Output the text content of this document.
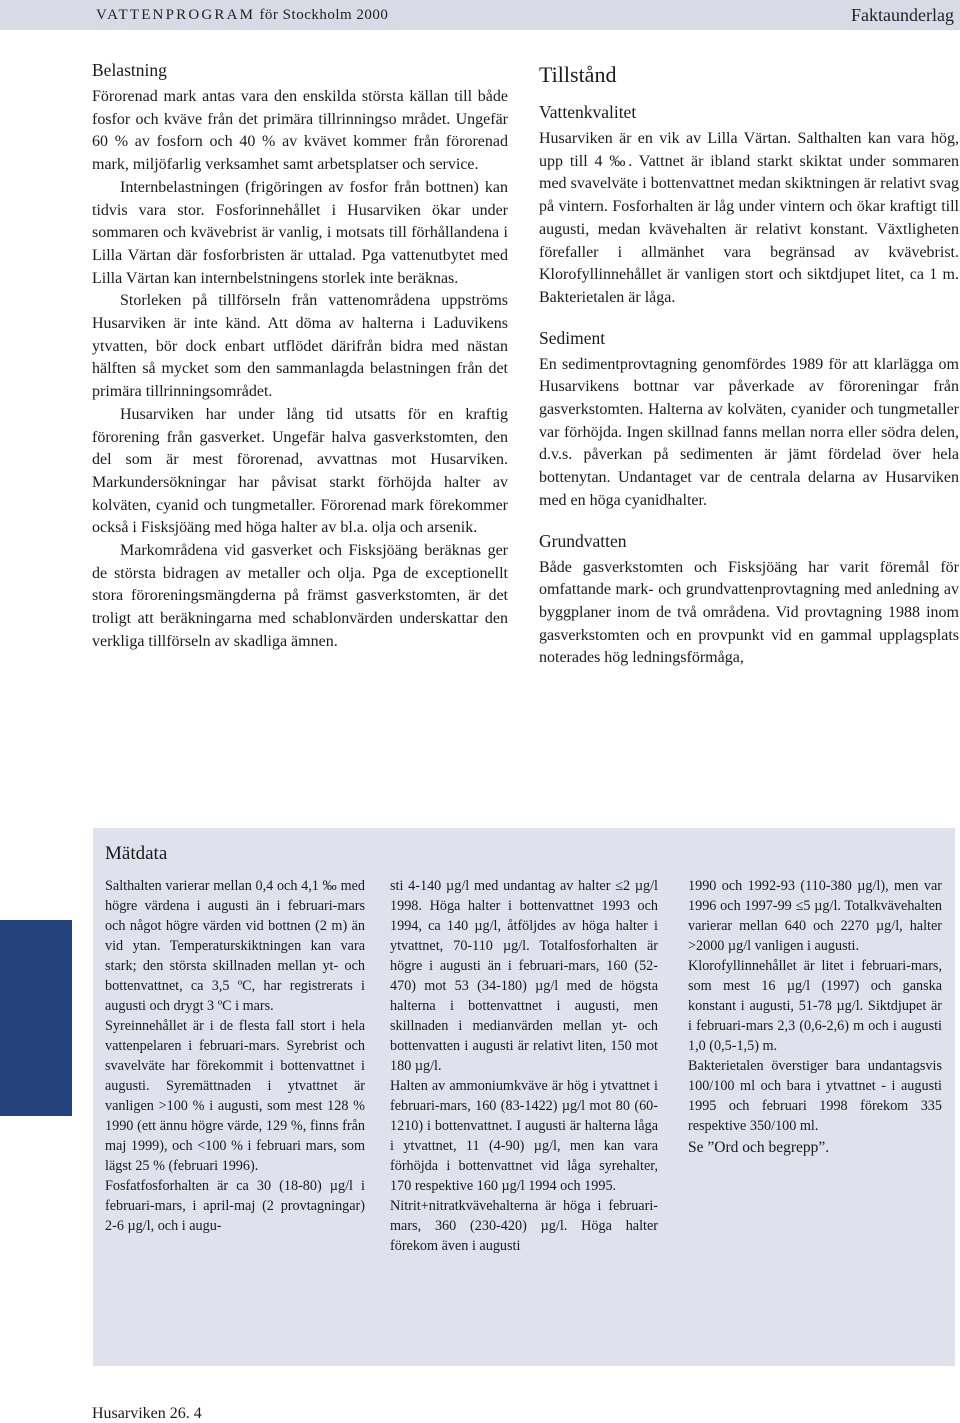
VATTENPROGRAM för Stockholm 2000	Faktaunderlag
Belastning

Förorenad mark antas vara den enskilda största källan till både fosfor och kväve från det primära tillrinningso mrådet. Ungefär 60 % av fosforn och 40 % av kvävet kommer från förorenad mark, miljöfarlig verksamhet samt arbetsplatser och service.

Internbelastningen (frigöringen av fosfor från bottnen) kan tidvis vara stor. Fosforinnehållet i Husarviken ökar under sommaren och kvävebrist är vanlig, i motsats till förhållandena i Lilla Värtan där fosforbristen är uttalad. Pga vattenutbytet med Lilla Värtan kan internbelstningens storlek inte beräknas.

Storleken på tillförseln från vattenområdena uppströms Husarviken är inte känd. Att döma av halterna i Laduvikens ytvatten, bör dock enbart utflödet därifrån bidra med nästan hälften så mycket som den sammanlagda belastningen från det primära tillrinningsområdet.

Husarviken har under lång tid utsatts för en kraftig förorening från gasverket. Ungefär halva gasverkstomten, den del som är mest förorenad, avvattnas mot Husarviken. Markundersökningar har påvisat starkt förhöjda halter av kolväten, cyanid och tungmetaller. Förorenad mark förekommer också i Fisksjöäng med höga halter av bl.a. olja och arsenik.

Markområdena vid gasverket och Fisksjöäng beräknas ger de största bidragen av metaller och olja. Pga de exceptionellt stora föroreningsmängderna på främst gasverkstomten, är det troligt att beräkningarna med schablonvärden underskattar den verkliga tillförseln av skadliga ämnen.

Tillstånd
Vattenkvalitet

Husarviken är en vik av Lilla Värtan. Salthalten kan vara hög, upp till 4 ‰. Vattnet är ibland starkt skiktat under sommaren med svavelväte i bottenvattnet medan skiktningen är relativt svag på vintern. Fosforhalten är låg under vintern och ökar kraftigt till augusti, medan kvävehalten är relativt konstant. Växtligheten förefaller i allmänhet vara begränsad av kvävebrist. Klorofyllinnehållet är vanligen stort och siktdjupet litet, ca 1 m. Bakterietalen är låga.

Sediment

En sedimentprovtagning genomfördes 1989 för att klarlägga om Husarvikens bottnar var påverkade av föroreningar från gasverkstomten. Halterna av kolväten, cyanider och tungmetaller var förhöjda. Ingen skillnad fanns mellan norra eller södra delen, d.v.s. påverkan på sedimenten är jämt fördelad över hela bottenytan. Undantaget var de centrala delarna av Husarviken med en höga cyanidhalter.

Grundvatten

Både gasverkstomten och Fisksjöäng har varit föremål för omfattande mark- och grundvattenprovtagning med anledning av byggplaner inom de två områdena. Vid provtagning 1988 inom gasverkstomten och en provpunkt vid en gammal upplagsplats noterades hög ledningsförmåga,

Mätdata

Salthalten varierar mellan 0,4 och 4,1 ‰ med högre värdena i augusti än i februari-mars och något högre värden vid bottnen (2 m) än vid ytan. Temperaturskiktningen kan vara stark; den största skillnaden mellan yt- och bottenvattnet, ca 3,5 ºC, har registrerats i augusti och drygt 3 ºC i mars.

Syreinnehållet är i de flesta fall stort i hela vattenpelaren i februari-mars. Syrebrist och svavelväte har förekommit i bottenvattnet i augusti. Syremättnaden i ytvattnet är vanligen >100 % i augusti, som mest 128 % 1990 (ett ännu högre värde, 129 %, finns från maj 1999), och <100 % i februari mars, som lägst 25 % (februari 1996).

Fosfatfosforhalten är ca 30 (18-80) µg/l i februari-mars, i april-maj (2 provtagningar) 2-6 µg/l, och i augu-

sti 4-140 µg/l med undantag av halter ≤2 µg/l 1998. Höga halter i bottenvattnet 1993 och 1994, ca 140 µg/l, åtföljdes av höga halter i ytvattnet, 70-110 µg/l. Totalfosforhalten är högre i augusti än i februari-mars, 160 (52-470) mot 53 (34-180) µg/l med de högsta halterna i bottenvattnet i augusti, men skillnaden i medianvärden mellan yt- och bottenvatten i augusti är relativt liten, 150 mot 180 µg/l.

Halten av ammoniumkväve är hög i ytvattnet i februari-mars, 160 (83-1422) µg/l mot 80 (60-1210) i bottenvattnet. I augusti är halterna låga i ytvattnet, 11 (4-90) µg/l, men kan vara förhöjda i bottenvattnet vid låga syrehalter, 170 respektive 160 µg/l 1994 och 1995.

Nitrit+nitratkvävehalterna är höga i februari-mars, 360 (230-420) µg/l. Höga halter förekom även i augusti

1990 och 1992-93 (110-380 µg/l), men var 1996 och 1997-99 ≤5 µg/l. Totalkvävehalten varierar mellan 640 och 2270 µg/l, halter >2000 µg/l vanligen i augusti.

Klorofyllinnehållet är litet i februari-mars, som mest 16 µg/l (1997) och ganska konstant i augusti, 51-78 µg/l. Siktdjupet är i februari-mars 2,3 (0,6-2,6) m och i augusti 1,0 (0,5-1,5) m.

Bakterietalen överstiger bara undantagsvis 100/100 ml och bara i ytvattnet - i augusti 1995 och februari 1998 förekom 335 respektive 350/100 ml.

Se ”Ord och begrepp”.

Husarviken 26. 4
